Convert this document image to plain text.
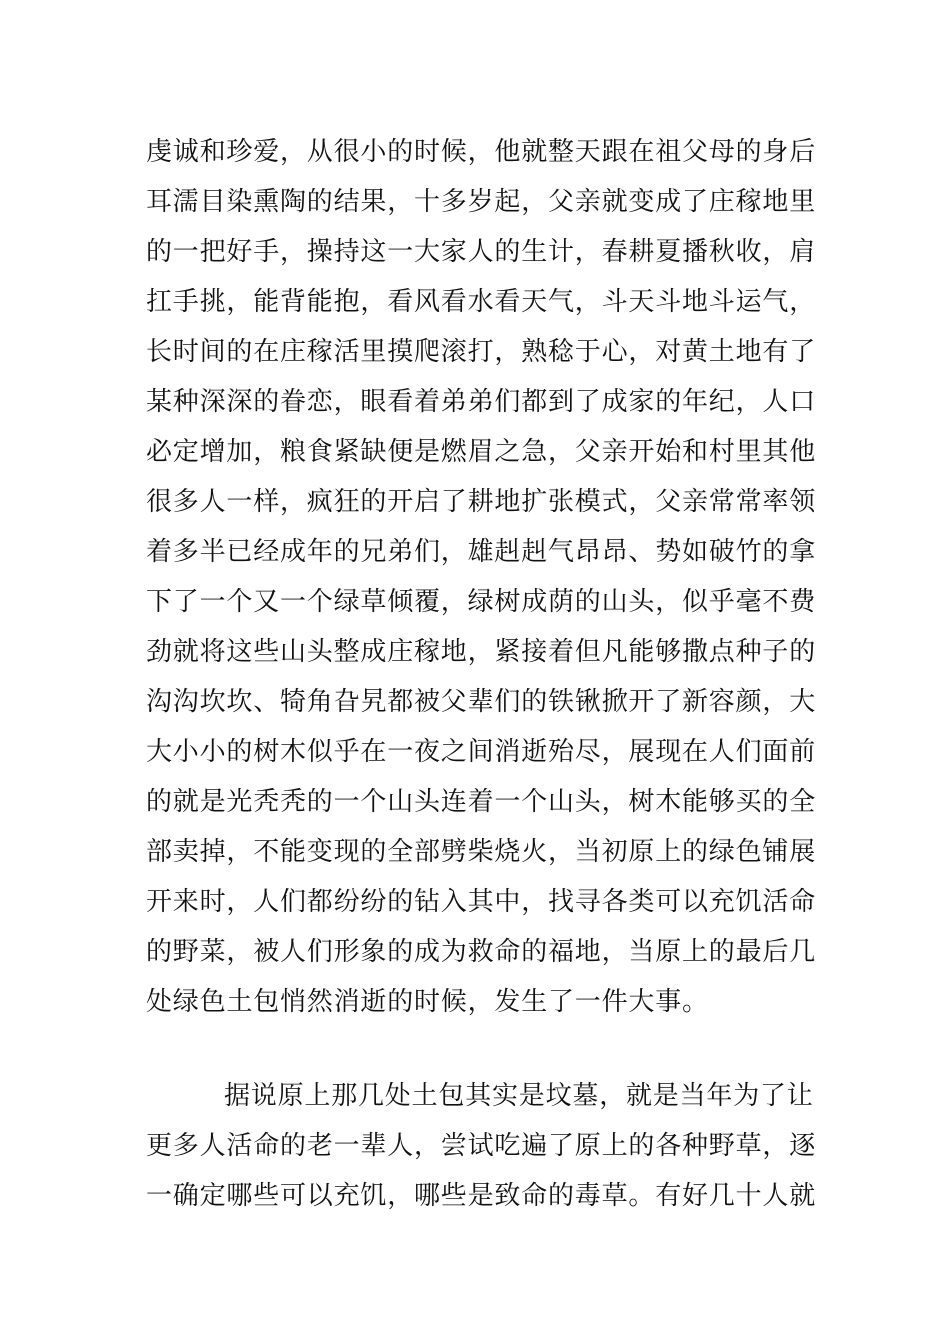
虔诚和珍爱，从很小的时候，他就整天跟在祖父母的身后
耳濡目染熏陶的结果，十多岁起，父亲就变成了庄稼地里
的一把好手，操持这一大家人的生计，春耕夏播秋收，肩
扛手挑，能背能抱，看风看水看天气，斗天斗地斗运气，
长时间的在庄稼活里摸爬滚打，熟稔于心，对黄土地有了
某种深深的眷恋，眼看着弟弟们都到了成家的年纪，人口
必定增加，粮食紧缺便是燃眉之急，父亲开始和村里其他
很多人一样，疯狂的开启了耕地扩张模式，父亲常常率领
着多半已经成年的兄弟们，雄赳赳气昂昂、势如破竹的拿
下了一个又一个绿草倾覆，绿树成荫的山头，似乎毫不费
劲就将这些山头整成庄稼地，紧接着但凡能够撒点种子的
沟沟坎坎、犄角旮旯都被父辈们的铁锹掀开了新容颜，大
大小小的树木似乎在一夜之间消逝殆尽，展现在人们面前
的就是光秃秃的一个山头连着一个山头，树木能够买的全
部卖掉，不能变现的全部劈柴烧火，当初原上的绿色铺展
开来时，人们都纷纷的钻入其中，找寻各类可以充饥活命
的野菜，被人们形象的成为救命的福地，当原上的最后几
处绿色土包悄然消逝的时候，发生了一件大事。
据说原上那几处土包其实是坟墓，就是当年为了让
更多人活命的老一辈人，尝试吃遍了原上的各种野草，逐
一确定哪些可以充饥，哪些是致命的毒草。有好几十人就
